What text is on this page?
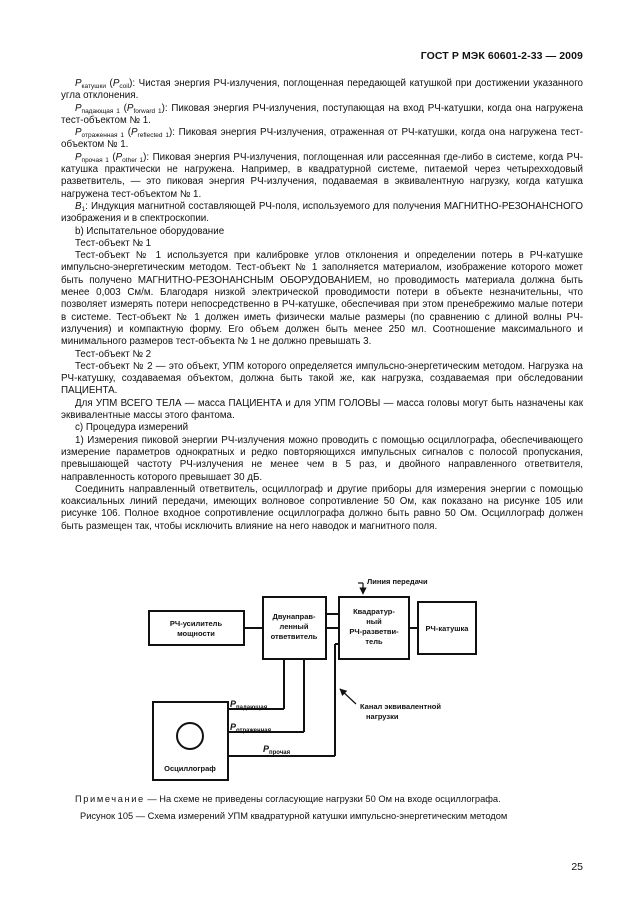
ГОСТ Р МЭК 60601-2-33 — 2009

$P_{катушки}$ $(P_{coil})$: Чистая энергия РЧ-излучения, поглощенная передающей катушкой при достижении указанного угла отклонения.

$P_{падающая 1}$ $(P_{forward 1})$: Пиковая энергия РЧ-излучения, поступающая на вход РЧ-катушки, когда она нагружена тест-объектом № 1.

$P_{отраженная 1}$ $(P_{reflected 1})$: Пиковая энергия РЧ-излучения, отраженная от РЧ-катушки, когда она нагружена тест-объектом № 1.

$P_{прочая 1}$ $(P_{other 1})$: Пиковая энергия РЧ-излучения, поглощенная или рассеянная где-либо в системе, когда РЧ-катушка практически не нагружена. Например, в квадратурной системе, питаемой через четырехходовый разветвитель, — это пиковая энергия РЧ-излучения, подаваемая в эквивалентную нагрузку, когда катушка нагружена тест-объектом № 1.

$B_1$: Индукция магнитной составляющей РЧ-поля, используемого для получения МАГНИТНО-РЕЗОНАНСНОГО изображения и в спектроскопии.

b) Испытательное оборудование

Тест-объект № 1

Тест-объект № 1 используется при калибровке углов отклонения и определении потерь в РЧ-катушке импульсно-энергетическим методом. Тест-объект № 1 заполняется материалом, изображение которого может быть получено МАГНИТНО-РЕЗОНАНСНЫМ ОБОРУДОВАНИЕМ, но проводимость материала должна быть менее 0,003 См/м. Благодаря низкой электрической проводимости потери в объекте незначительны, что позволяет измерять потери непосредственно в РЧ-катушке, обеспечивая при этом пренебрежимо малые потери в системе. Тест-объект № 1 должен иметь физически малые размеры (по сравнению с длиной волны РЧ-излучения) и компактную форму. Его объем должен быть менее 250 мл. Соотношение максимального и минимального размеров тест-объекта № 1 не должно превышать 3.

Тест-объект № 2

Тест-объект № 2 — это объект, УПМ которого определяется импульсно-энергетическим методом. Нагрузка на РЧ-катушку, создаваемая объектом, должна быть такой же, как нагрузка, создаваемая при обследовании ПАЦИЕНТА.

Для УПМ ВСЕГО ТЕЛА — масса ПАЦИЕНТА и для УПМ ГОЛОВЫ — масса головы могут быть назначены как эквивалентные массы этого фантома.

c) Процедура измерений

1) Измерения пиковой энергии РЧ-излучения можно проводить с помощью осциллографа, обеспечивающего измерение параметров однократных и редко повторяющихся импульсных сигналов с полосой пропускания, превышающей частоту РЧ-излучения не менее чем в 5 раз, и двойного направленного ответвителя, направленность которого превышает 30 дБ.

Соединить направленный ответвитель, осциллограф и другие приборы для измерения энергии с помощью коаксиальных линий передачи, имеющих волновое сопротивление 50 Ом, как показано на рисунке 105 или рисунке 106. Полное входное сопротивление осциллографа должно быть равно 50 Ом. Осциллограф должен быть размещен так, чтобы исключить влияние на него наводок и магнитного поля.

РЧ-усилитель
мощности
Двунаправ-
ленный
ответвитель
Квадратур-
ный
РЧ-разветви-
тель
РЧ-катушка
Осциллограф
Линия передачи
Канал эквивалентной
нагрузки
$P_{падающая}$
$P_{отраженная}$
$P_{прочая}$
Примечание — На схеме не приведены согласующие нагрузки 50 Ом на входе осциллографа.
Рисунок 105 — Схема измерений УПМ квадратурной катушки импульсно-энергетическим методом
25
